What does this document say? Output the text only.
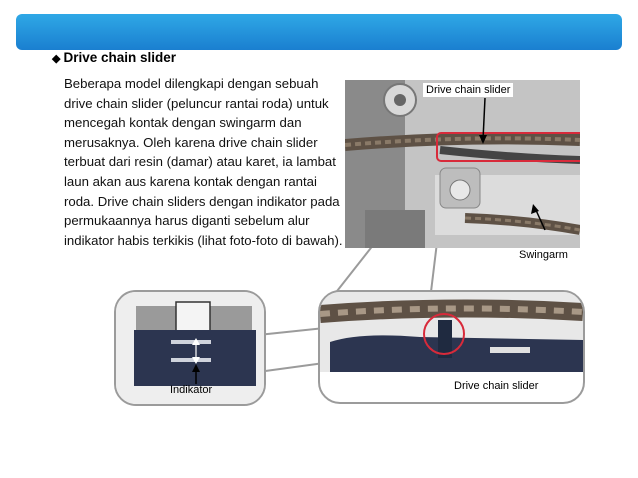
◆ Drive chain slider
Beberapa model dilengkapi dengan sebuah drive chain slider (peluncur rantai roda) untuk mencegah kontak dengan swingarm dan merusaknya. Oleh karena drive chain slider terbuat dari resin (damar) atau karet, ia lambat laun akan aus karena kontak dengan rantai roda. Drive chain sliders dengan indikator pada permukaannya harus diganti sebelum alur indikator habis terkikis (lihat foto-foto di bawah).
Drive chain slider
Swingarm
Drive chain slider
Indikator
